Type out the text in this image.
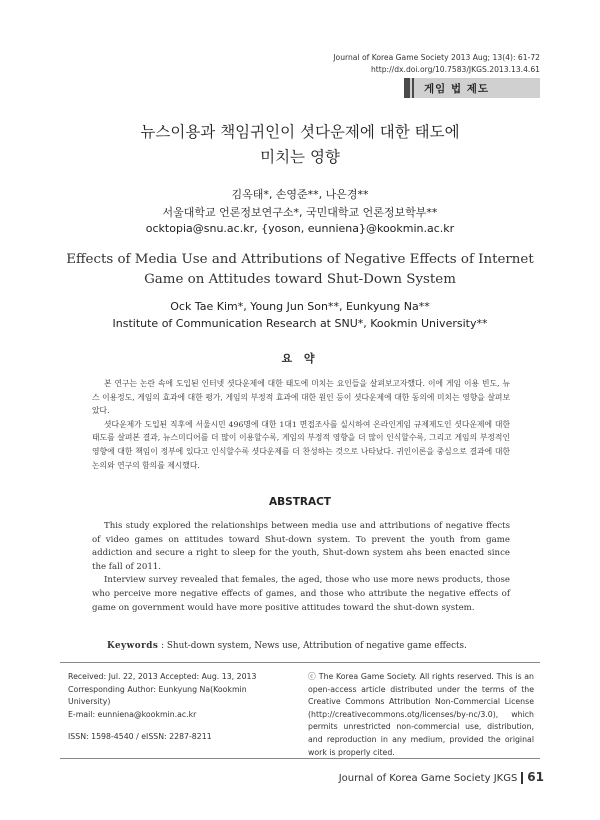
Journal of Korea Game Society 2013 Aug; 13(4): 61-72
http://dx.doi.org/10.7583/JKGS.2013.13.4.61
게임 법 제도
뉴스이용과 책임귀인이 셧다운제에 대한 태도에
미치는 영향
김옥태*, 손영준**, 나은경**
서울대학교 언론정보연구소*, 국민대학교 언론정보학부**
ocktopia@snu.ac.kr, {yoson, eunniena}@kookmin.ac.kr
Effects of Media Use and Attributions of Negative Effects of Internet
Game on Attitudes toward Shut-Down System
Ock Tae Kim*, Young Jun Son**, Eunkyung Na**
Institute of Communication Research at SNU*, Kookmin University**
요 약

본 연구는 논란 속에 도입된 인터넷 셧다운제에 대한 태도에 미치는 요인들을 살펴보고자했다. 이에 게임 이용 빈도, 뉴스 이용정도, 게임의 효과에 대한 평가, 게임의 부정적 효과에 대한 원인 등이 셧다운제에 대한 동의에 미치는 영향을 살펴보았다.

셧다운제가 도입된 직후에 서울시민 496명에 대한 1대1 면접조사를 실시하여 온라인게임 규제제도인 셧다운제에 대한 태도를 살펴본 결과, 뉴스미디어를 더 많이 이용할수록, 게임의 부정적 영향을 더 많이 인식할수록, 그리고 게임의 부정적인 영향에 대한 책임이 정부에 있다고 인식할수록 셧다운제를 더 찬성하는 것으로 나타났다. 귀인이론을 중심으로 결과에 대한 논의와 연구의 함의를 제시했다.

ABSTRACT

This study explored the relationships between media use and attributions of negative ffects of video games on attitudes toward Shut-down system. To prevent the youth from game addiction and secure a right to sleep for the youth, Shut-down system ahs been enacted since the fall of 2011.

Interview survey revealed that females, the aged, those who use more news products, those who perceive more negative effects of games, and those who attribute the negative effects of game on government would have more positive attitudes toward the shut-down system.

Keywords : Shut-down system, News use, Attribution of negative game effects.
Received: Jul. 22, 2013 Accepted: Aug. 13, 2013
Corresponding Author: Eunkyung Na(Kookmin University)
E-mail: eunniena@kookmin.ac.kr
ISSN: 1598-4540 / eISSN: 2287-8211
ⓒ The Korea Game Society. All rights reserved. This is an open-access article distributed under the terms of the Creative Commons Attribution Non-Commercial License (http://creativecommons.otg/licenses/by-nc/3.0), which permits unrestricted non-commercial use, distribution, and reproduction in any medium, provided the original work is properly cited.
Journal of Korea Game Society JKGS 61
